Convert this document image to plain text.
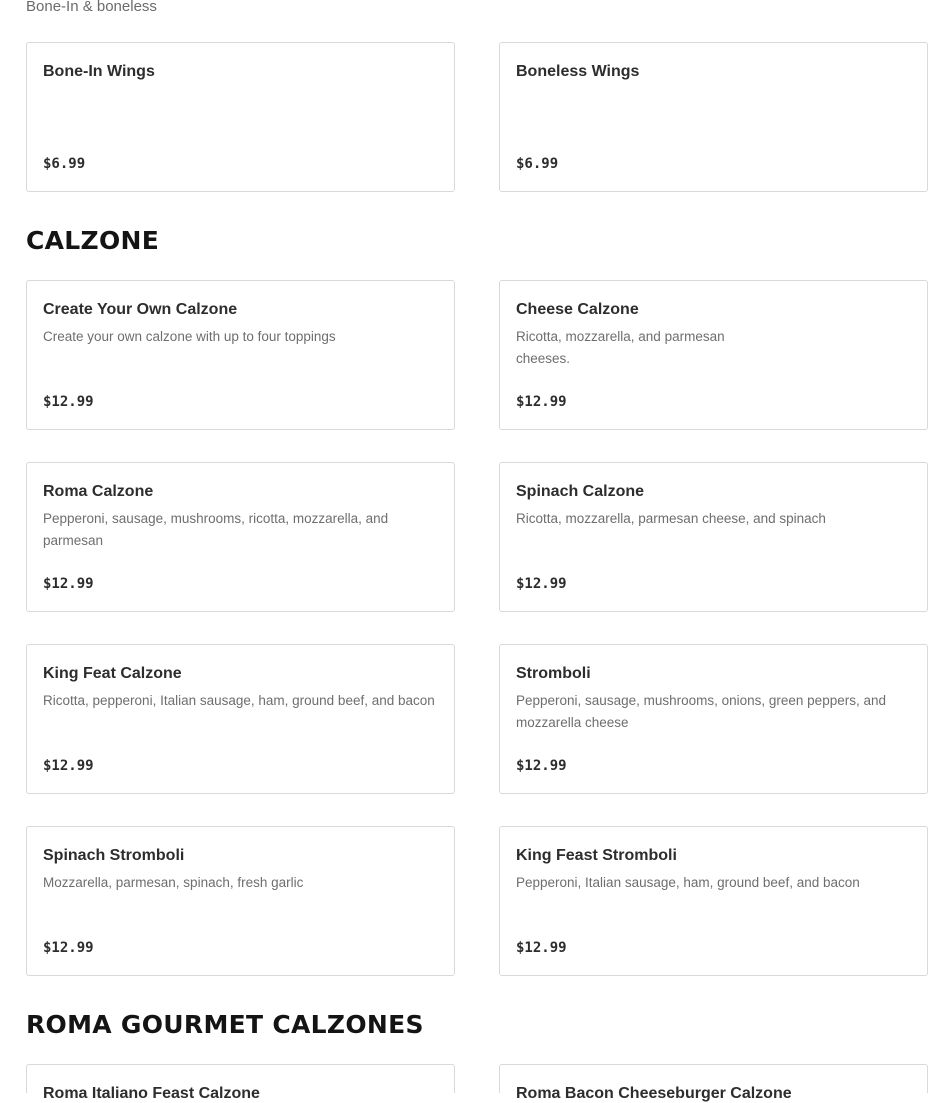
Bone-In & boneless
Bone-In Wings
$6.99
Boneless Wings
$6.99
CALZONE
Create Your Own Calzone
Create your own calzone with up to four toppings
$12.99
Cheese Calzone
Ricotta, mozzarella, and parmesan cheeses.
$12.99
Roma Calzone
Pepperoni, sausage, mushrooms, ricotta, mozzarella, and parmesan
$12.99
Spinach Calzone
Ricotta, mozzarella, parmesan cheese, and spinach
$12.99
King Feat Calzone
Ricotta, pepperoni, Italian sausage, ham, ground beef, and bacon
$12.99
Stromboli
Pepperoni, sausage, mushrooms, onions, green peppers, and mozzarella cheese
$12.99
Spinach Stromboli
Mozzarella, parmesan, spinach, fresh garlic
$12.99
King Feast Stromboli
Pepperoni, Italian sausage, ham, ground beef, and bacon
$12.99
ROMA GOURMET CALZONES
Roma Italiano Feast Calzone	Roma Bacon Cheeseburger Calzone
